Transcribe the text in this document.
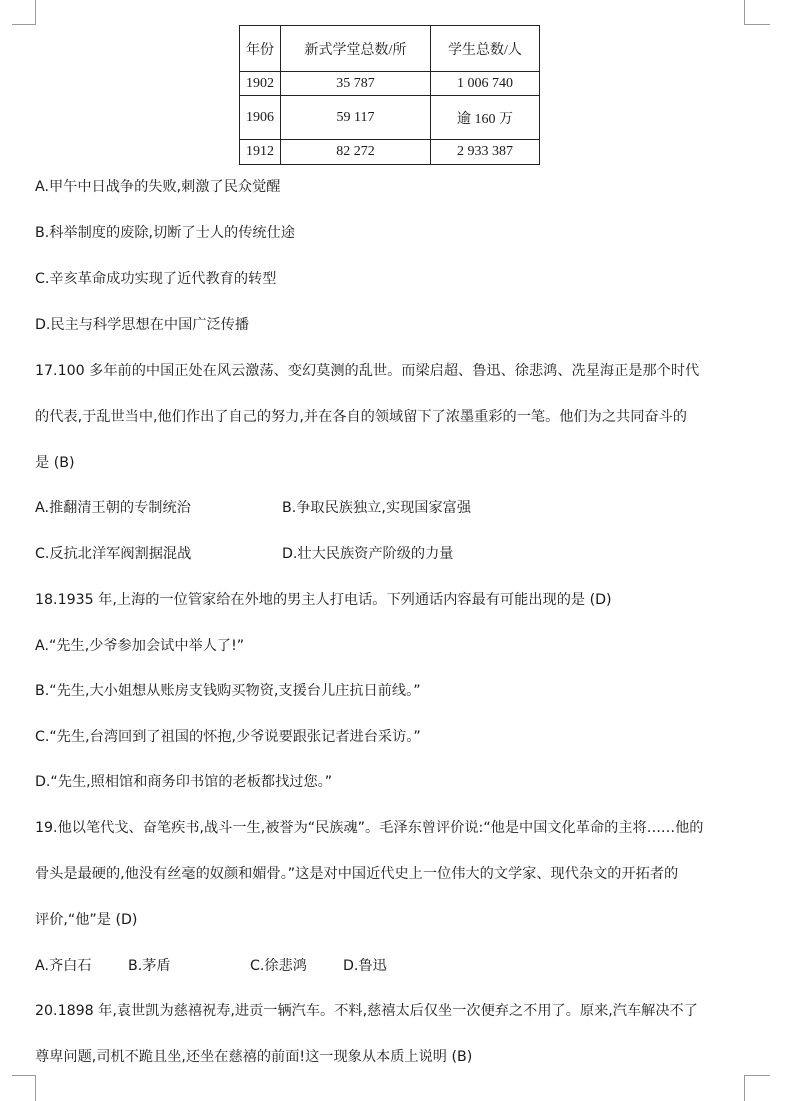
年份	新式学堂总数/所	学生总数/人
1902	35 787	1 006 740
1906	59 117	逾 160 万
1912	82 272	2 933 387
A.甲午中日战争的失败,刺激了民众觉醒
B.科举制度的废除,切断了士人的传统仕途
C.辛亥革命成功实现了近代教育的转型
D.民主与科学思想在中国广泛传播
17.100 多年前的中国正处在风云激荡、变幻莫测的乱世。而梁启超、鲁迅、徐悲鸿、冼星海正是那个时代
的代表,于乱世当中,他们作出了自己的努力,并在各自的领域留下了浓墨重彩的一笔。他们为之共同奋斗的
是 (B)
A.推翻清王朝的专制统治	B.争取民族独立,实现国家富强
C.反抗北洋军阀割据混战	D.壮大民族资产阶级的力量
18.1935 年,上海的一位管家给在外地的男主人打电话。下列通话内容最有可能出现的是 (D)
A.“先生,少爷参加会试中举人了!”
B.“先生,大小姐想从账房支钱购买物资,支援台儿庄抗日前线。”
C.“先生,台湾回到了祖国的怀抱,少爷说要跟张记者进台采访。”
D.“先生,照相馆和商务印书馆的老板都找过您。”
19.他以笔代戈、奋笔疾书,战斗一生,被誉为“民族魂”。毛泽东曾评价说:“他是中国文化革命的主将……他的
骨头是最硬的,他没有丝毫的奴颜和媚骨。”这是对中国近代史上一位伟大的文学家、现代杂文的开拓者的
评价,“他”是 (D)
A.齐白石	B.茅盾	C.徐悲鸿	D.鲁迅
20.1898 年,袁世凯为慈禧祝寿,进贡一辆汽车。不料,慈禧太后仅坐一次便弃之不用了。原来,汽车解决不了
尊卑问题,司机不跪且坐,还坐在慈禧的前面!这一现象从本质上说明 (B)
